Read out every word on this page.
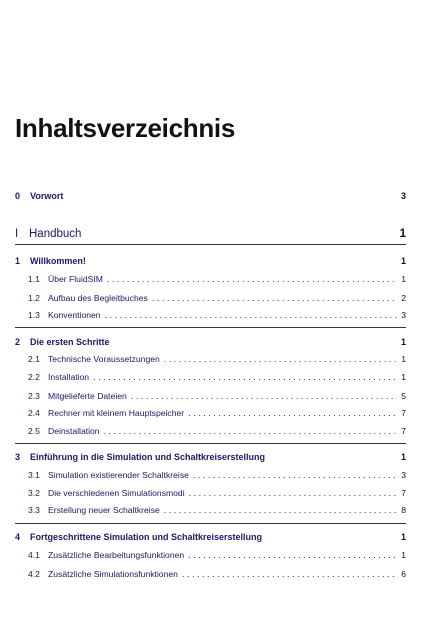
Inhaltsverzeichnis
0	Vorwort	3
I Handbuch	1
1	Willkommen!	1
1.1 Über FluidSIM . . .	1
1.2 Aufbau des Begleitbuches . . .	2
1.3 Konventionen . . .	3
2	Die ersten Schritte	1
2.1 Technische Voraussetzungen . . .	1
2.2 Installation . . .	1
2.3 Mitgelieferte Dateien . . .	5
2.4 Rechner mit kleinem Hauptspeicher . . .	7
2.5 Deinstallation . . .	7
3	Einführung in die Simulation und Schaltkreiserstellung	1
3.1 Simulation existierender Schaltkreise . . .	3
3.2 Die verschiedenen Simulationsmodi . . .	7
3.3 Erstellung neuer Schaltkreise . . .	8
4	Fortgeschrittene Simulation und Schaltkreiserstellung	1
4.1 Zusätzliche Bearbeitungsfunktionen . . .	1
4.2 Zusätzliche Simulationsfunktionen . . .	6
